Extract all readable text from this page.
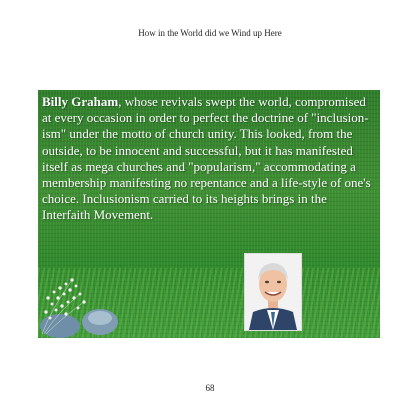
How in the World did we Wind up Here
Billy Graham, whose revivals swept the world, compromised at every occasion in order to perfect the doctrine of "inclusion-ism" under the motto of church unity. This looked, from the outside, to be innocent and successful, but it has manifested itself as mega churches and "popularism," accommodating a membership manifesting no repentance and a life-style of one's choice. Inclusionism carried to its heights brings in the Interfaith Movement.
68
